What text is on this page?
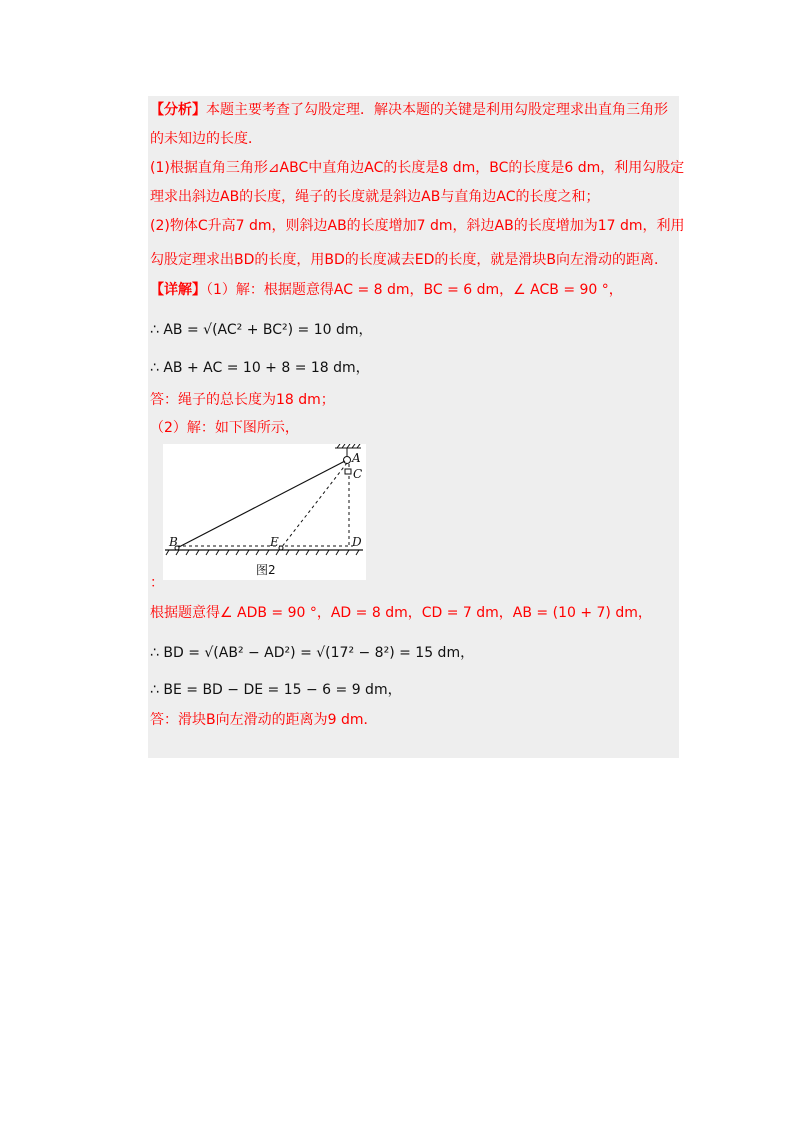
【分析】本题主要考查了勾股定理．解决本题的关键是利用勾股定理求出直角三角形
的未知边的长度．
(1)根据直角三角形⊿ABC中直角边AC的长度是8 dm，BC的长度是6 dm，利用勾股定
理求出斜边AB的长度，绳子的长度就是斜边AB与直角边AC的长度之和；
(2)物体C升高7 dm，则斜边AB的长度增加7 dm，斜边AB的长度增加为17 dm，利用
勾股定理求出BD的长度，用BD的长度减去ED的长度，就是滑块B向左滑动的距离．
【详解】（1）解：根据题意得AC = 8 dm，BC = 6 dm，∠ ACB = 90 °，
∴ AB = √(AC² + BC²) = 10 dm，
∴ AB + AC = 10 + 8 = 18 dm，
答：绳子的总长度为18 dm；
（2）解：如下图所示，
A
C
B	E	D
图2
：
根据题意得∠ ADB = 90 °，AD = 8 dm，CD = 7 dm，AB = (10 + 7) dm，
∴ BD = √(AB² − AD²) = √(17² − 8²) = 15 dm，
∴ BE = BD − DE = 15 − 6 = 9 dm，
答：滑块B向左滑动的距离为9 dm．
